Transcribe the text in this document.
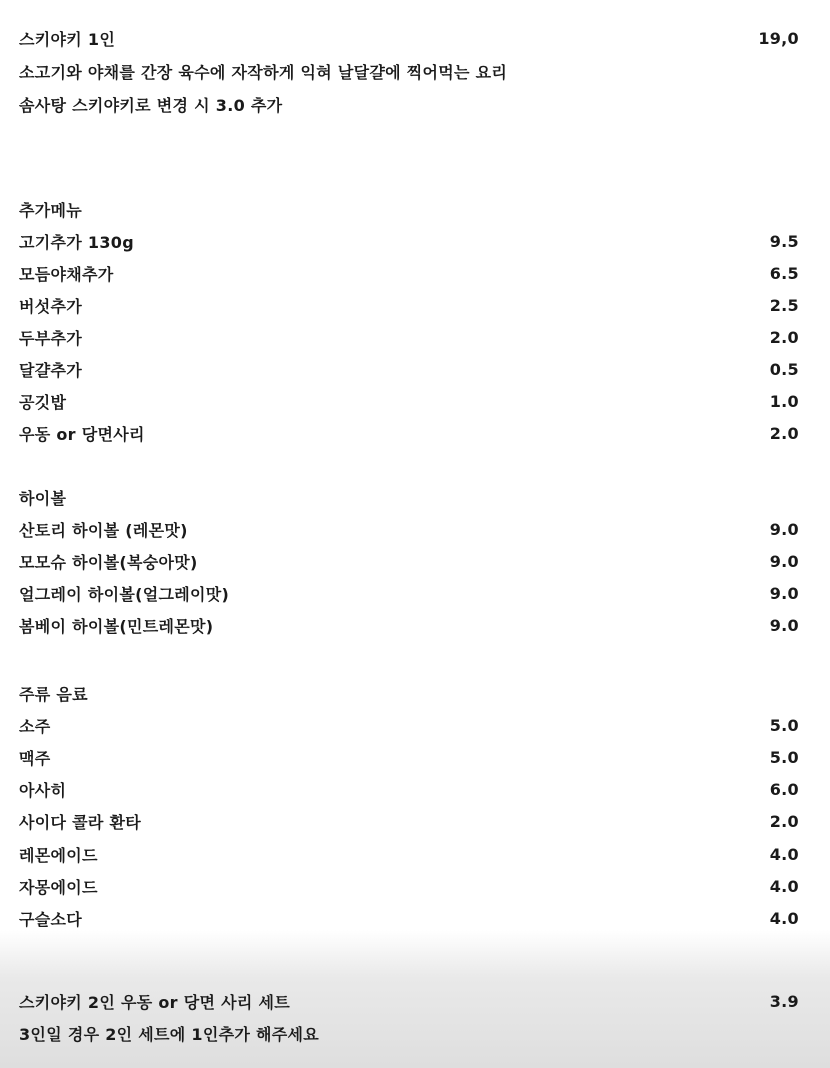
스키야키 1인	19,0
소고기와 야채를 간장 육수에 자작하게 익혀 날달걀에 찍어먹는 요리
솜사탕 스키야키로 변경 시 3.0 추가
추가메뉴
고기추가 130g	9.5
모듬야채추가	6.5
버섯추가	2.5
두부추가	2.0
달걀추가	0.5
공깃밥	1.0
우동 or 당면사리	2.0
하이볼
산토리 하이볼 (레몬맛)	9.0
모모슈 하이볼(복숭아맛)	9.0
얼그레이 하이볼(얼그레이맛)	9.0
봄베이 하이볼(민트레몬맛)	9.0
주류 음료
소주	5.0
맥주	5.0
아사히	6.0
사이다 콜라 환타	2.0
레몬에이드	4.0
자몽에이드	4.0
구슬소다	4.0
스키야키 2인 우동 or 당면 사리 세트	3.9
3인일 경우 2인 세트에 1인추가 해주세요
